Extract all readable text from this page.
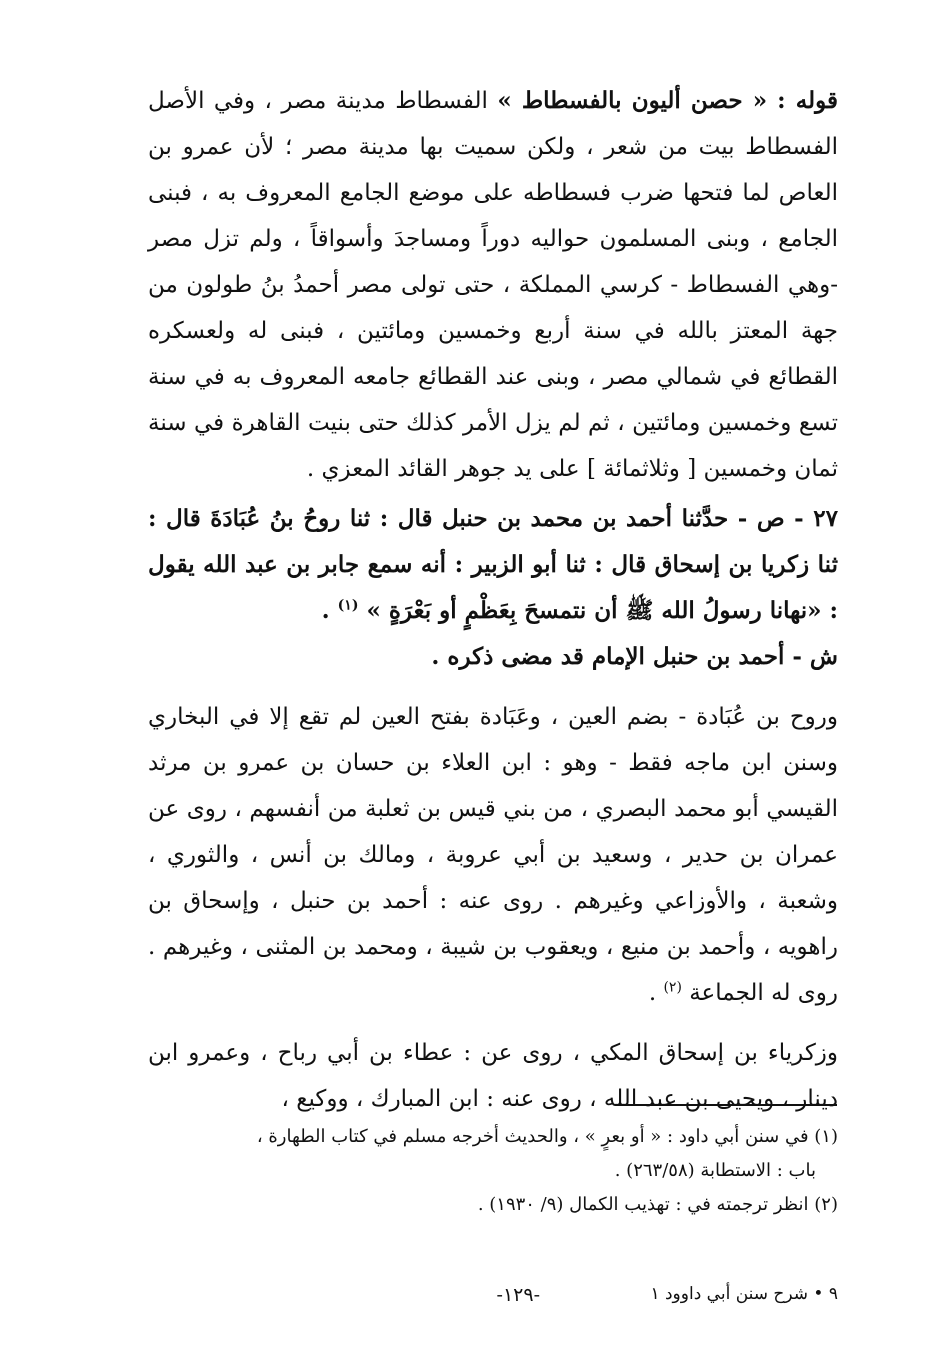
قوله : « حصن أليون بالفسطاط » الفسطاط مدينة مصر ، وفي الأصل الفسطاط بيت من شعر ، ولكن سميت بها مدينة مصر ؛ لأن عمرو بن العاص لما فتحها ضرب فسطاطه على موضع الجامع المعروف به ، فبنى الجامع ، وبنى المسلمون حواليه دوراً ومساجدَ وأسواقاً ، ولم تزل مصر -وهي الفسطاط - كرسي المملكة ، حتى تولى مصر أحمدُ بنُ طولون من جهة المعتز بالله في سنة أربع وخمسين ومائتين ، فبنى له ولعسكره القطائع في شمالي مصر ، وبنى عند القطائع جامعه المعروف به في سنة تسع وخمسين ومائتين ، ثم لم يزل الأمر كذلك حتى بنيت القاهرة في سنة ثمان وخمسين [ وثلاثمائة ] على يد جوهر القائد المعزي .

٢٧ - ص - حدَّثنا أحمد بن محمد بن حنبل قال : ثنا روحُ بنُ عُبَادَةَ قال : ثنا زكريا بن إسحاق قال : ثنا أبو الزبير : أنه سمع جابر بن عبد الله يقول : «نهانا رسولُ الله ﷺ أن نتمسحَ بِعَظْمٍ أو بَعْرَةٍ » $^{(١)}$ .

ش - أحمد بن حنبل الإمام قد مضى ذكره .

وروح بن عُبَادة - بضم العين ، وعَبَادة بفتح العين لم تقع إلا في البخاري وسنن ابن ماجه فقط - وهو : ابن العلاء بن حسان بن عمرو بن مرثد القيسي أبو محمد البصري ، من بني قيس بن ثعلبة من أنفسهم ، روى عن عمران بن حدير ، وسعيد بن أبي عروبة ، ومالك بن أنس ، والثوري ، وشعبة ، والأوزاعي وغيرهم . روى عنه : أحمد بن حنبل ، وإسحاق بن راهويه ، وأحمد بن منيع ، ويعقوب بن شيبة ، ومحمد بن المثنى ، وغيرهم . روى له الجماعة $^{(٢)}$ .

وزكرياء بن إسحاق المكي ، روى عن : عطاء بن أبي رباح ، وعمرو ابن دينار ، ويحيى بن عبد الله ، روى عنه : ابن المبارك ، ووكيع ،

(١) في سنن أبي داود : « أو بعرٍ » ، والحديث أخرجه مسلم في كتاب الطهارة ،

باب : الاستطابة (٢٦٣/٥٨) .

(٢) انظر ترجمته في : تهذيب الكمال (٩/ ١٩٣٠) .

٩ • شرح سنن أبي داوود ١
-١٢٩-
